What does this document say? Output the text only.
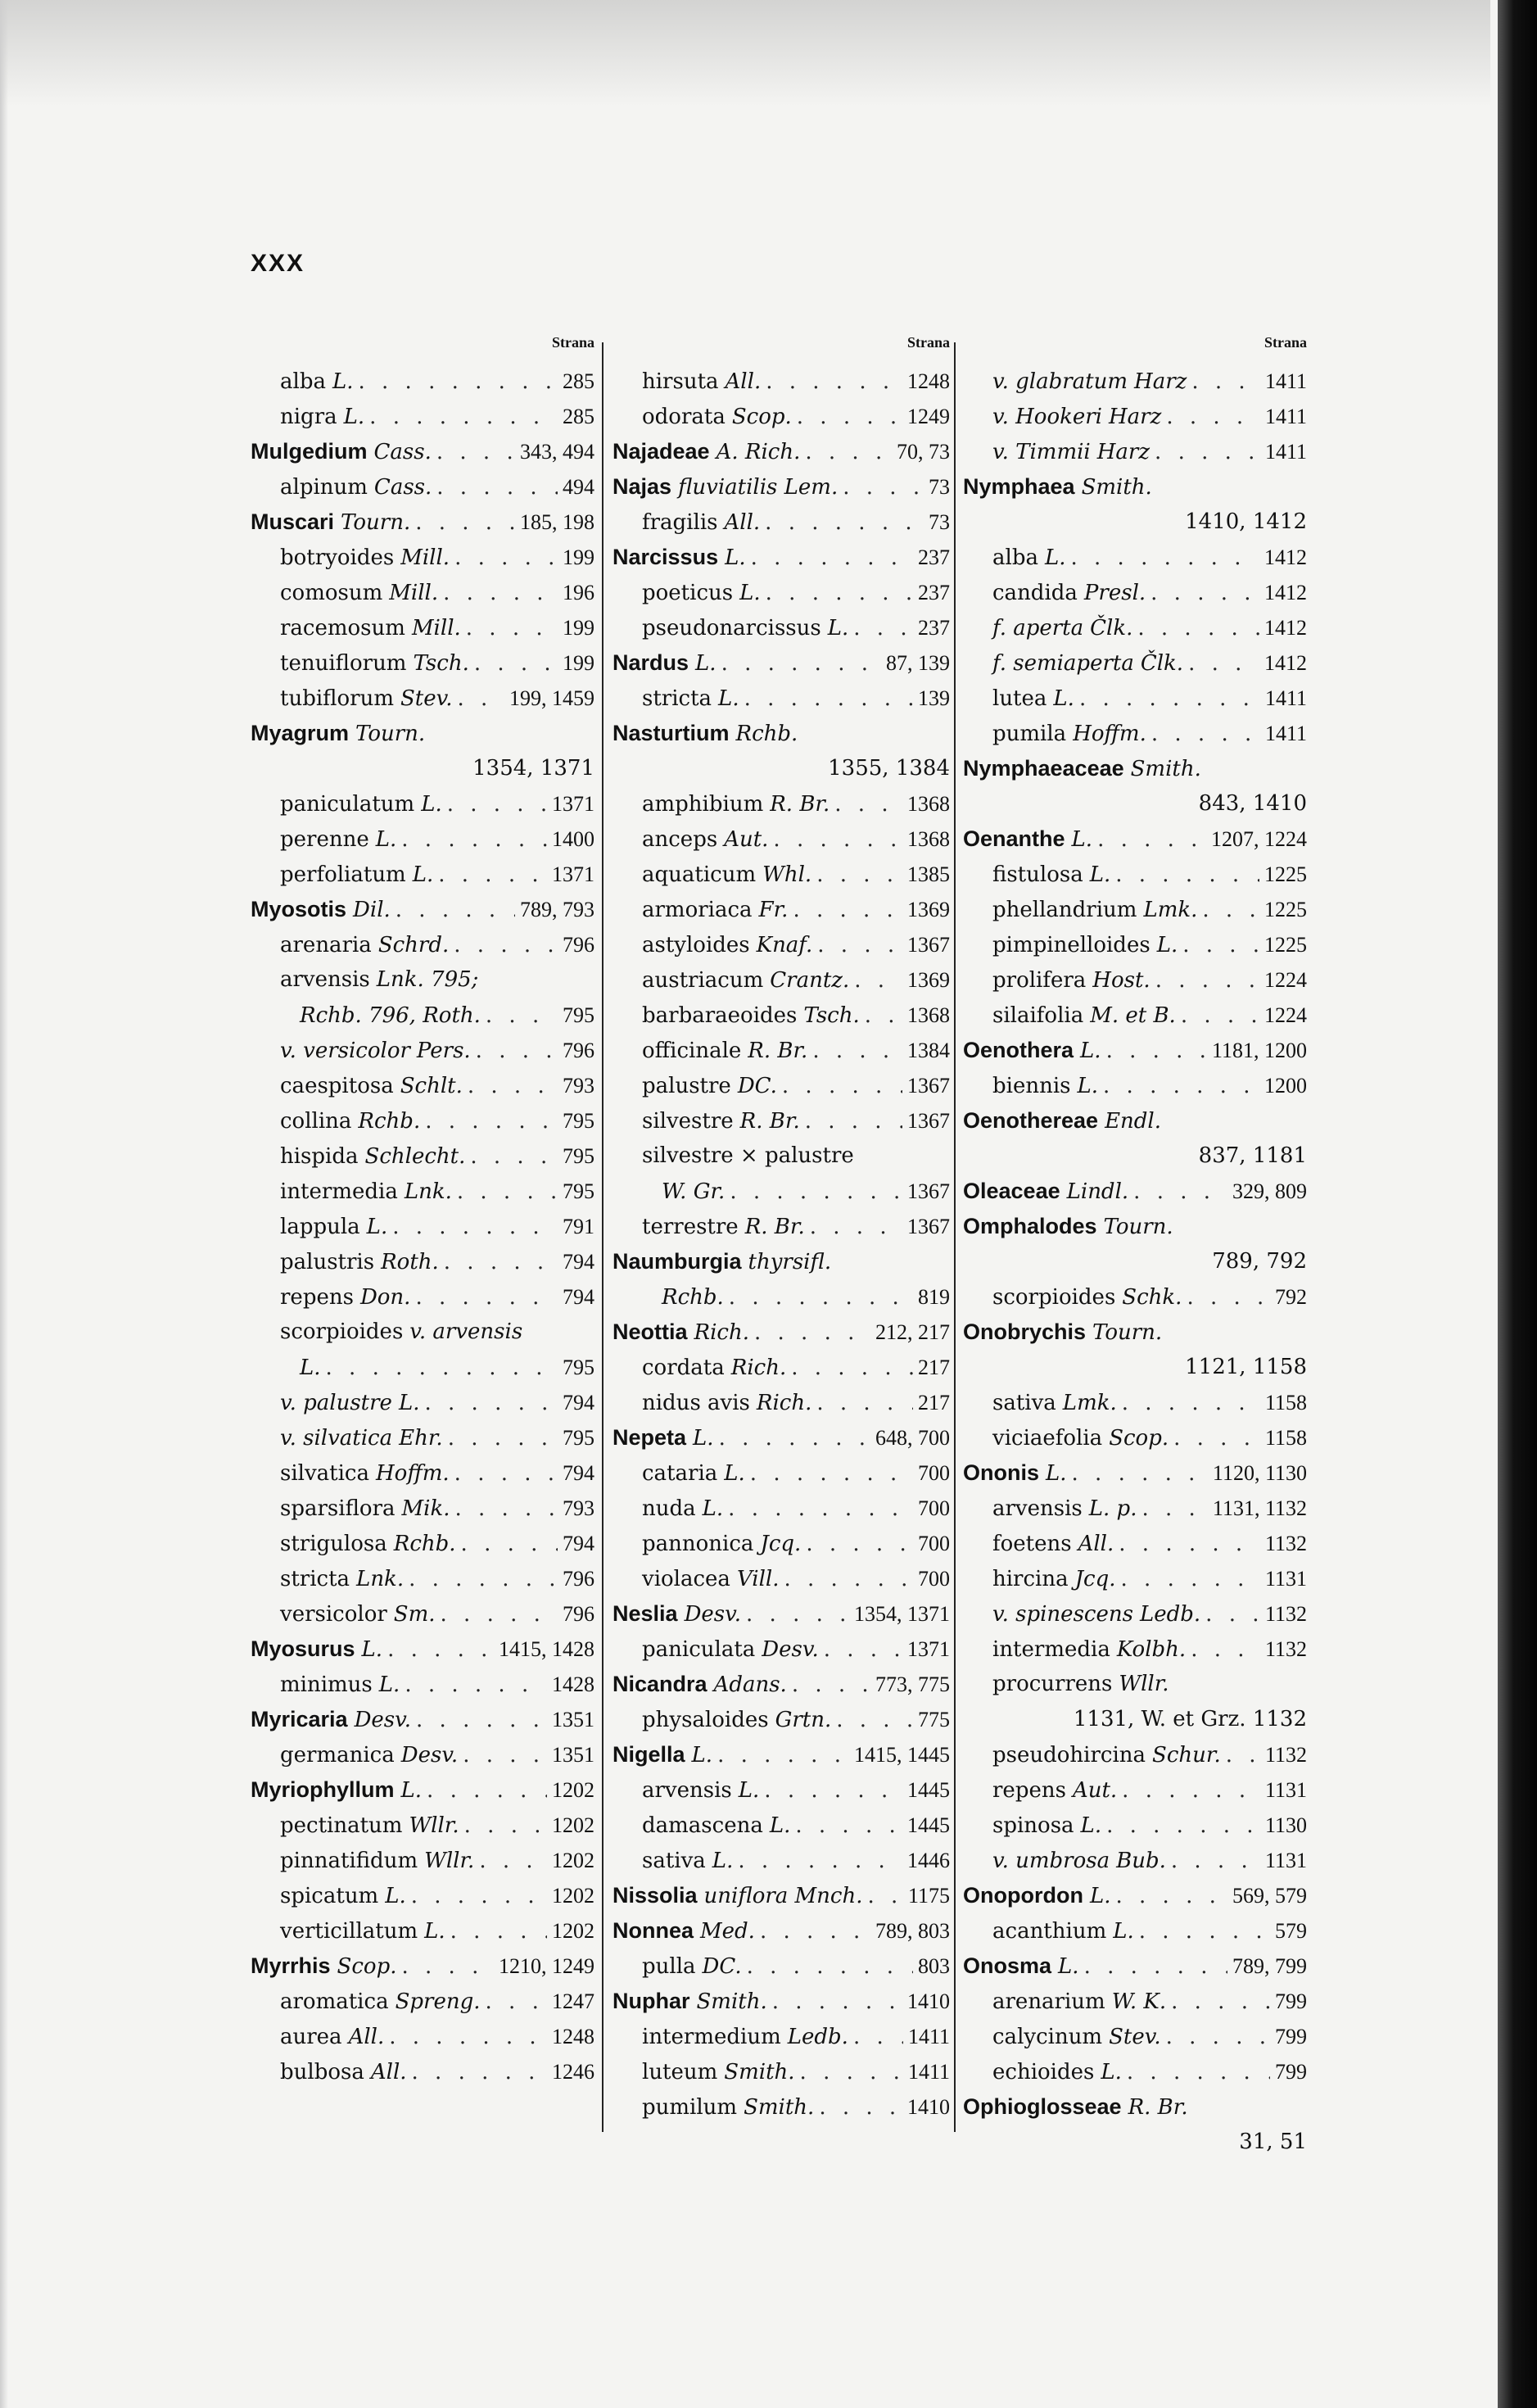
XXX
Strana
alba L. . . .	285
nigra L. . . .	285
Mulgedium Cass. . . .	343, 494
alpinum Cass. . . .	494
Muscari Tourn. . . .	185, 198
botryoides Mill. . . .	199
comosum Mill. . . .	196
racemosum Mill. . . .	199
tenuiflorum Tsch. . . .	199
tubiflorum Stev. . . .	199, 1459
Myagrum Tourn.
1354, 1371
paniculatum L. . . .	1371
perenne L. . . .	1400
perfoliatum L. . . .	1371
Myosotis Dil. . . .	789, 793
arenaria Schrd. . . .	796
arvensis Lnk. 795;
Rchb. 796, Roth. . . .	795
v. versicolor Pers. . . .	796
caespitosa Schlt. . . .	793
collina Rchb. . . .	795
hispida Schlecht. . . .	795
intermedia Lnk. . . .	795
lappula L. . . .	791
palustris Roth. . . .	794
repens Don. . . .	794
scorpioides v. arvensis
L. . . .	795
v. palustre L. . . .	794
v. silvatica Ehr. . . .	795
silvatica Hoffm. . . .	794
sparsiflora Mik. . . .	793
strigulosa Rchb. . . .	794
stricta Lnk. . . .	796
versicolor Sm. . . .	796
Myosurus L. . . .	1415, 1428
minimus L. . . .	1428
Myricaria Desv. . . .	1351
germanica Desv. . . .	1351
Myriophyllum L. . . .	1202
pectinatum Wllr. . . .	1202
pinnatifidum Wllr. . . .	1202
spicatum L. . . .	1202
verticillatum L. . . .	1202
Myrrhis Scop. . . .	1210, 1249
aromatica Spreng. . . .	1247
aurea All. . . .	1248
bulbosa All. . . .	1246
Strana
hirsuta All. . . .	1248
odorata Scop. . . .	1249
Najadeae A. Rich. . . .	70, 73
Najas fluviatilis Lem. . . .	73
fragilis All. . . .	73
Narcissus L. . . .	237
poeticus L. . . .	237
pseudonarcissus L. . . .	237
Nardus L. . . .	87, 139
stricta L. . . .	139
Nasturtium Rchb.
1355, 1384
amphibium R. Br. . . .	1368
anceps Aut. . . .	1368
aquaticum Whl. . . .	1385
armoriaca Fr. . . .	1369
astyloides Knaf. . . .	1367
austriacum Crantz. . . .	1369
barbaraeoides Tsch. . . . 1368
officinale R. Br. . . .	1384
palustre DC. . . .	1367
silvestre R. Br. . . .	1367
silvestre × palustre
W. Gr. . . .	1367
terrestre R. Br. . . .	1367
Naumburgia thyrsifl.
Rchb. . . .	819
Neottia Rich. . . .	212, 217
cordata Rich. . . .	217
nidus avis Rich. . . .	217
Nepeta L. . . .	648, 700
cataria L. . . .	700
nuda L. . . .	700
pannonica Jcq. . . .	700
violacea Vill. . . .	700
Neslia Desv. . . .	1354, 1371
paniculata Desv. . . .	1371
Nicandra Adans. . . .	773, 775
physaloides Grtn. . . .	775
Nigella L. . . .	1415, 1445
arvensis L. . . .	1445
damascena L. . . .	1445
sativa L. . . .	1446
Nissolia uniflora Mnch. . . . 1175
Nonnea Med. . . .	789, 803
pulla DC. . . .	803
Nuphar Smith. . . .	1410
intermedium Ledb. . . .	1411
luteum Smith. . . .	1411
pumilum Smith. . . .	1410
Strana
v. glabratum Harz . . .	1411
v. Hookeri Harz . . .	1411
v. Timmii Harz . . .	1411
Nymphaea Smith.
1410, 1412
alba L. . . .	1412
candida Presl. . . .	1412
f. aperta Člk. . . .	1412
f. semiaperta Člk. . . .	1412
lutea L. . . .	1411
pumila Hoffm. . . .	1411
Nymphaeaceae Smith.
843, 1410
Oenanthe L. . . .	1207, 1224
fistulosa L. . . .	1225
phellandrium Lmk. . . .	1225
pimpinelloides L. . . .	1225
prolifera Host. . . .	1224
silaifolia M. et B. . . .	1224
Oenothera L. . . .	1181, 1200
biennis L. . . .	1200
Oenothereae Endl.
837, 1181
Oleaceae Lindl. . . .	329, 809
Omphalodes Tourn.
789, 792
scorpioides Schk. . . .	792
Onobrychis Tourn.
1121, 1158
sativa Lmk. . . .	1158
viciaefolia Scop. . . .	1158
Ononis L. . . .	1120, 1130
arvensis L. p. . . .	1131, 1132
foetens All. . . .	1132
hircina Jcq. . . .	1131
v. spinescens Ledb. . . .	1132
intermedia Kolbh. . . .	1132
procurrens Wllr.
1131, W. et Grz. 1132
pseudohircina Schur. . . . 1132
repens Aut. . . .	1131
spinosa L. . . .	1130
v. umbrosa Bub. . . .	1131
Onopordon L. . . .	569, 579
acanthium L. . . .	579
Onosma L. . . .	789, 799
arenarium W. K. . . .	799
calycinum Stev. . . .	799
echioides L. . . .	799
Ophioglosseae R. Br.
31, 51
